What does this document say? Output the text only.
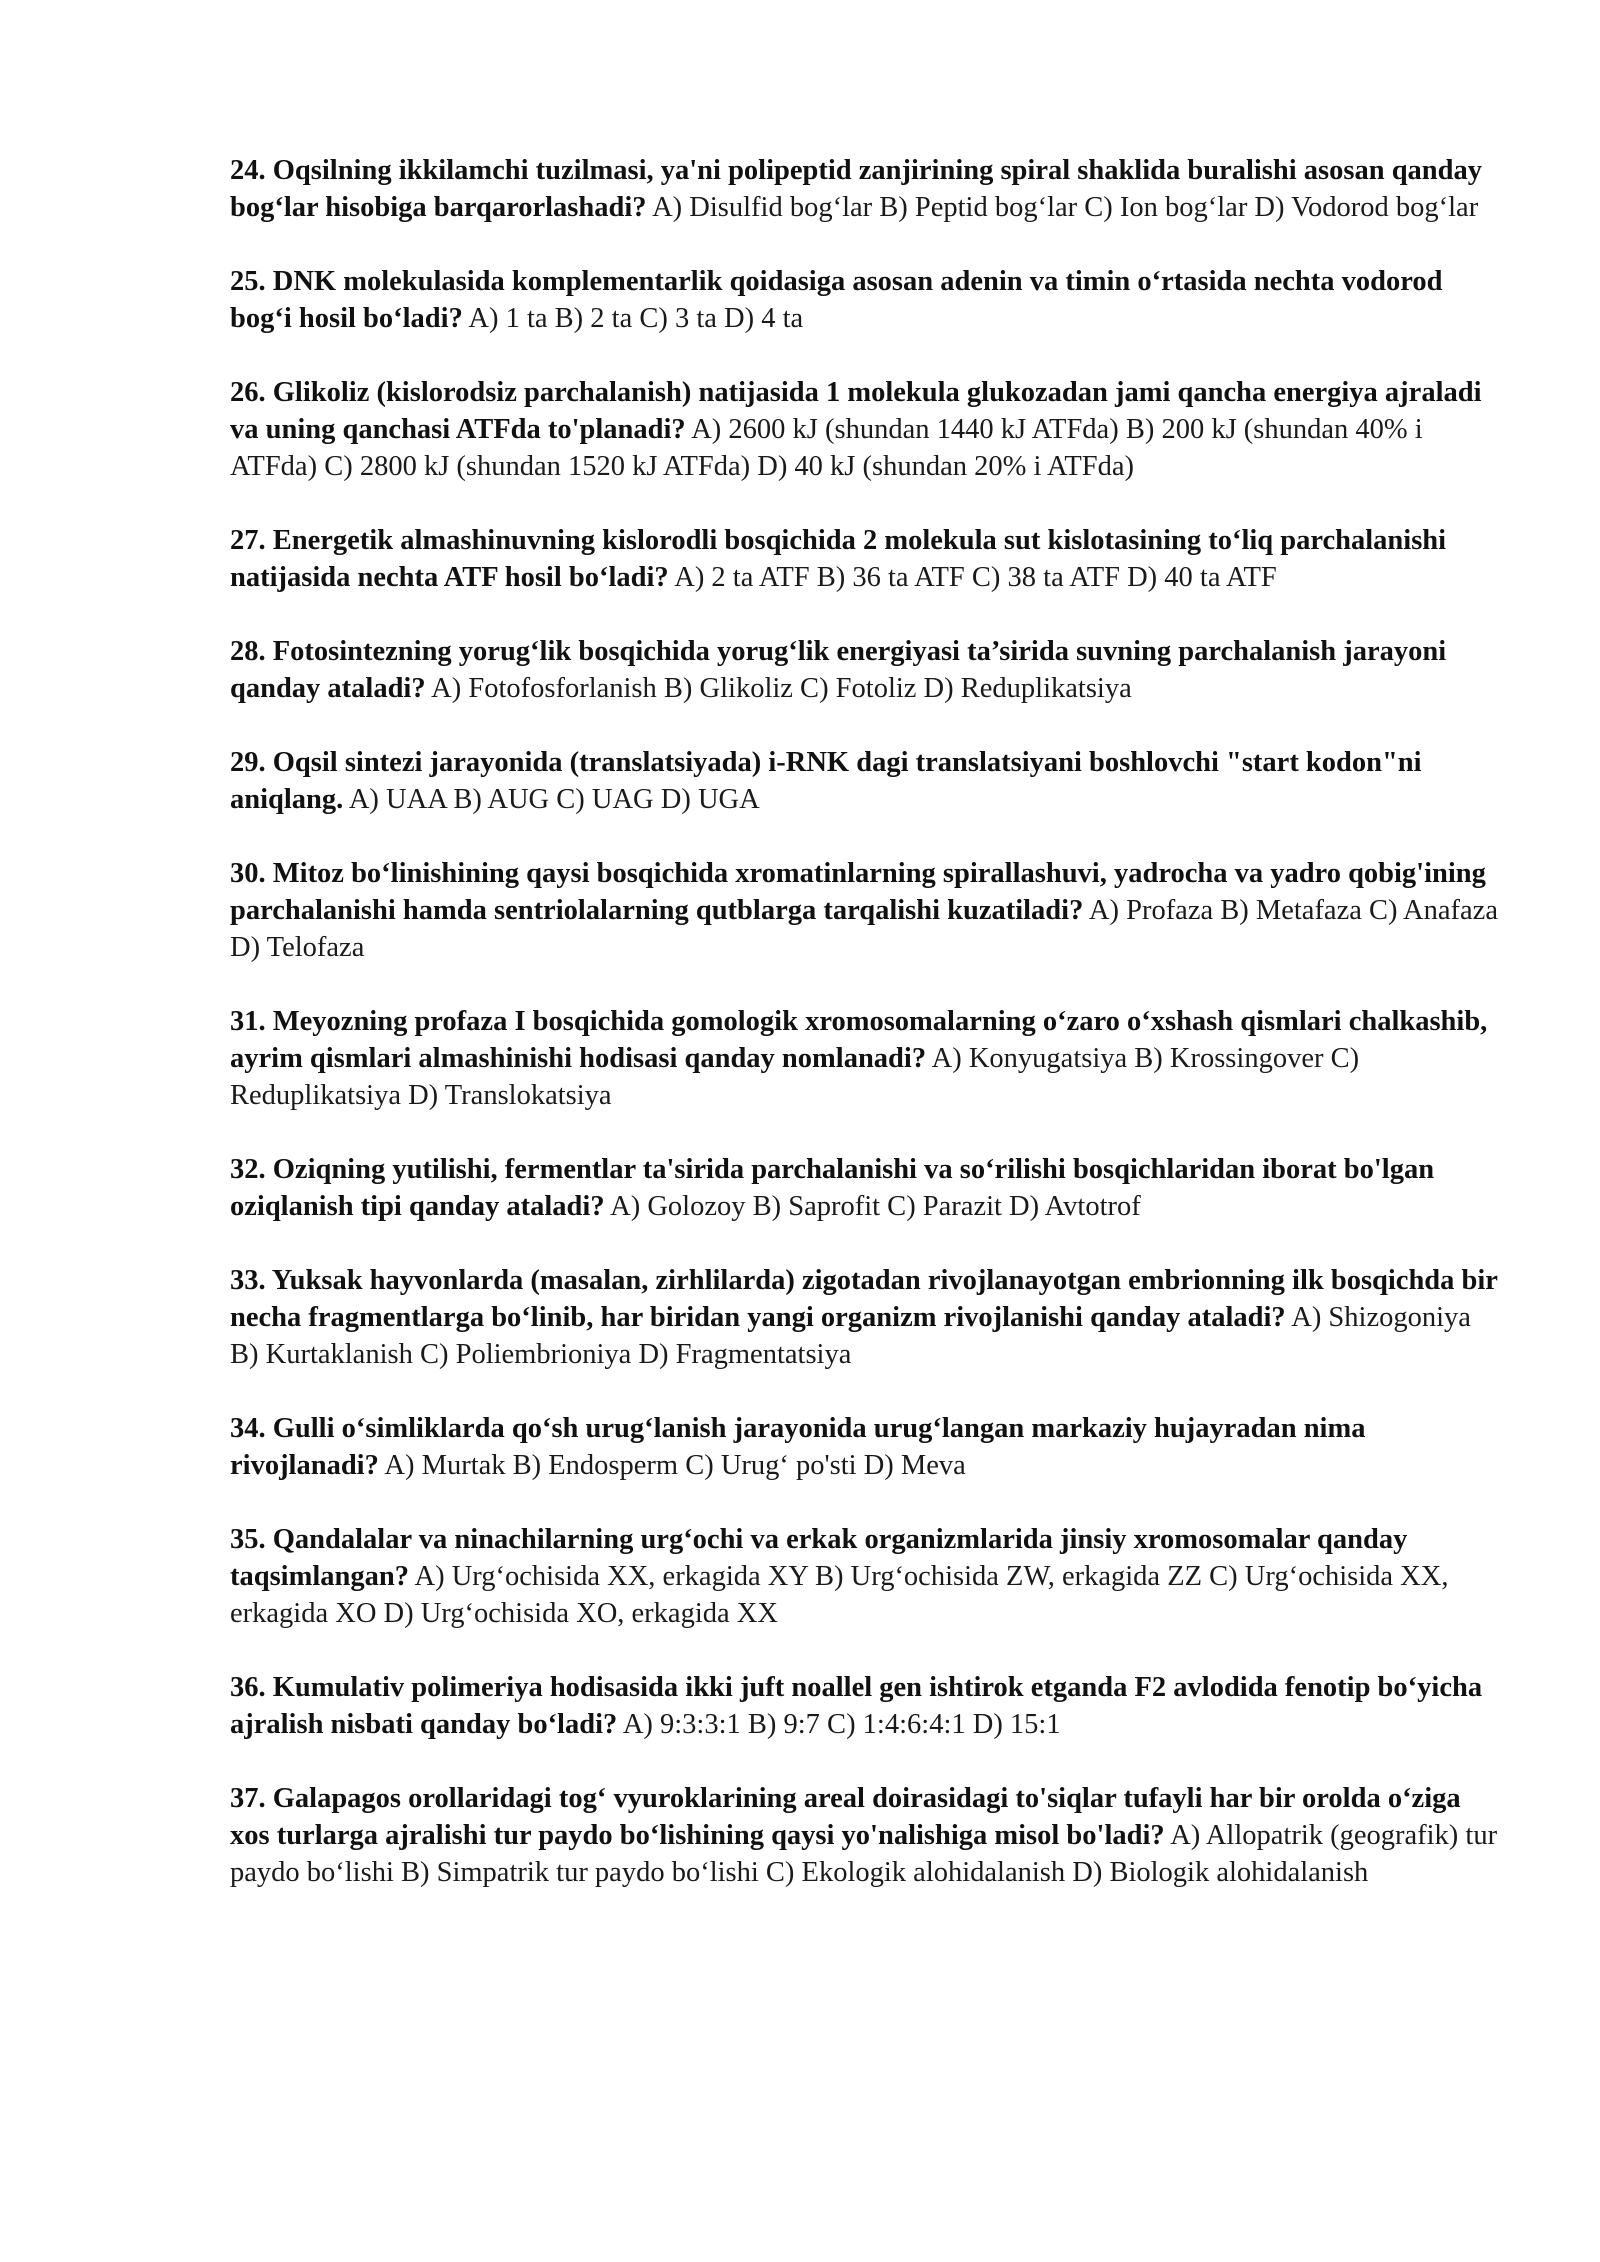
24. Oqsilning ikkilamchi tuzilmasi, ya'ni polipeptid zanjirining spiral shaklida buralishi asosan qanday bog‘lar hisobiga barqarorlashadi? A) Disulfid bog‘lar B) Peptid bog‘lar C) Ion bog‘lar D) Vodorod bog‘lar

25. DNK molekulasida komplementarlik qoidasiga asosan adenin va timin o‘rtasida nechta vodorod bog‘i hosil bo‘ladi? A) 1 ta B) 2 ta C) 3 ta D) 4 ta

26. Glikoliz (kislorodsiz parchalanish) natijasida 1 molekula glukozadan jami qancha energiya ajraladi va uning qanchasi ATFda to'planadi? A) 2600 kJ (shundan 1440 kJ ATFda) B) 200 kJ (shundan 40% i ATFda) C) 2800 kJ (shundan 1520 kJ ATFda) D) 40 kJ (shundan 20% i ATFda)

27. Energetik almashinuvning kislorodli bosqichida 2 molekula sut kislotasining to‘liq parchalanishi natijasida nechta ATF hosil bo‘ladi? A) 2 ta ATF B) 36 ta ATF C) 38 ta ATF D) 40 ta ATF

28. Fotosintezning yorug‘lik bosqichida yorug‘lik energiyasi ta’sirida suvning parchalanish jarayoni qanday ataladi? A) Fotofosforlanish B) Glikoliz C) Fotoliz D) Reduplikatsiya

29. Oqsil sintezi jarayonida (translatsiyada) i-RNK dagi translatsiyani boshlovchi "start kodon"ni aniqlang. A) UAA B) AUG C) UAG D) UGA

30. Mitoz bo‘linishining qaysi bosqichida xromatinlarning spirallashuvi, yadrocha va yadro qobig'ining parchalanishi hamda sentriolalarning qutblarga tarqalishi kuzatiladi? A) Profaza B) Metafaza C) Anafaza D) Telofaza

31. Meyozning profaza I bosqichida gomologik xromosomalarning o‘zaro o‘xshash qismlari chalkashib, ayrim qismlari almashinishi hodisasi qanday nomlanadi? A) Konyugatsiya B) Krossingover C) Reduplikatsiya D) Translokatsiya

32. Oziqning yutilishi, fermentlar ta'sirida parchalanishi va so‘rilishi bosqichlaridan iborat bo'lgan oziqlanish tipi qanday ataladi? A) Golozoy B) Saprofit C) Parazit D) Avtotrof

33. Yuksak hayvonlarda (masalan, zirhlilarda) zigotadan rivojlanayotgan embrionning ilk bosqichda bir necha fragmentlarga bo‘linib, har biridan yangi organizm rivojlanishi qanday ataladi? A) Shizogoniya B) Kurtaklanish C) Poliembrioniya D) Fragmentatsiya

34. Gulli o‘simliklarda qo‘sh urug‘lanish jarayonida urug‘langan markaziy hujayradan nima rivojlanadi? A) Murtak B) Endosperm C) Urug‘ po'sti D) Meva

35. Qandalalar va ninachilarning urg‘ochi va erkak organizmlarida jinsiy xromosomalar qanday taqsimlangan? A) Urg‘ochisida XX, erkagida XY B) Urg‘ochisida ZW, erkagida ZZ C) Urg‘ochisida XX, erkagida XO D) Urg‘ochisida XO, erkagida XX

36. Kumulativ polimeriya hodisasida ikki juft noallel gen ishtirok etganda F2 avlodida fenotip bo‘yicha ajralish nisbati qanday bo‘ladi? A) 9:3:3:1 B) 9:7 C) 1:4:6:4:1 D) 15:1

37. Galapagos orollaridagi tog‘ vyuroklarining areal doirasidagi to'siqlar tufayli har bir orolda o‘ziga xos turlarga ajralishi tur paydo bo‘lishining qaysi yo'nalishiga misol bo'ladi? A) Allopatrik (geografik) tur paydo bo‘lishi B) Simpatrik tur paydo bo‘lishi C) Ekologik alohidalanish D) Biologik alohidalanish
